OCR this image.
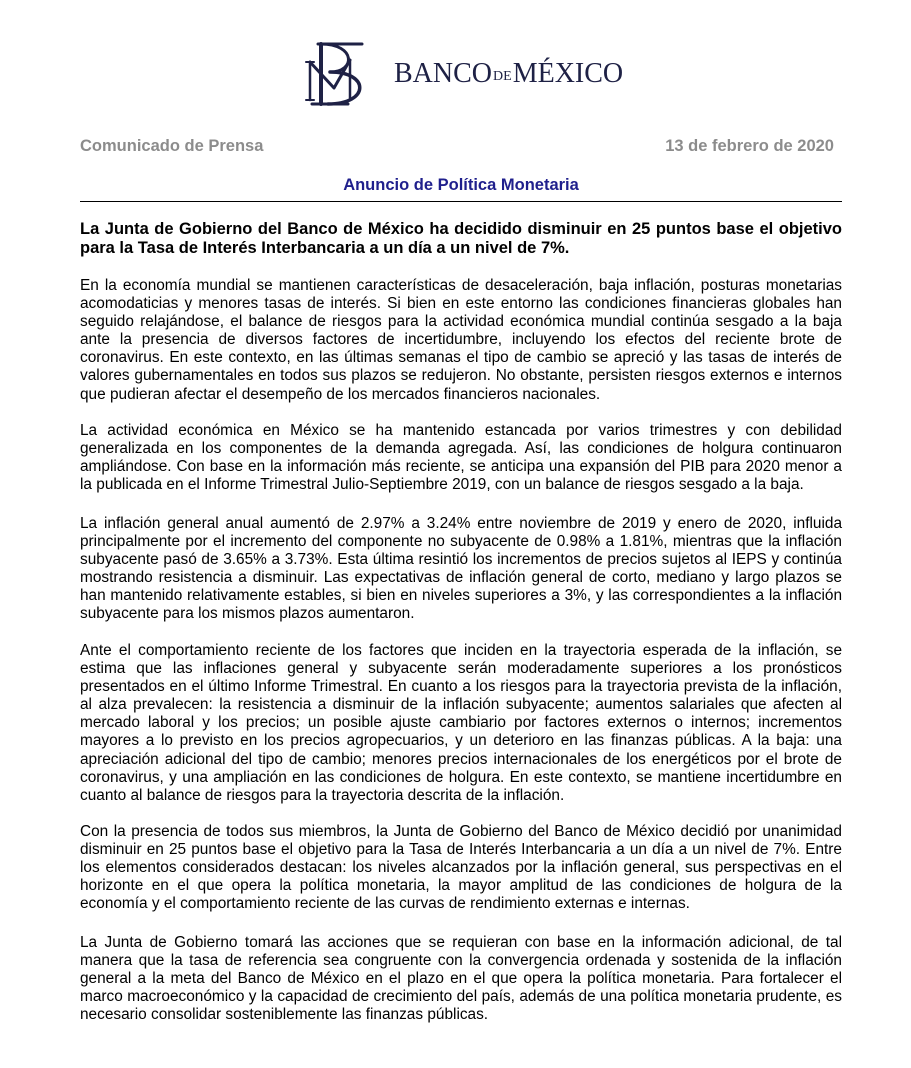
BANCODEMÉXICO
Comunicado de Prensa	13 de febrero de 2020
Anuncio de Política Monetaria
La Junta de Gobierno del Banco de México ha decidido disminuir en 25 puntos base el objetivo para la Tasa de Interés Interbancaria a un día a un nivel de 7%.
En la economía mundial se mantienen características de desaceleración, baja inflación, posturas monetarias acomodaticias y menores tasas de interés. Si bien en este entorno las condiciones financieras globales han seguido relajándose, el balance de riesgos para la actividad económica mundial continúa sesgado a la baja ante la presencia de diversos factores de incertidumbre, incluyendo los efectos del reciente brote de coronavirus. En este contexto, en las últimas semanas el tipo de cambio se apreció y las tasas de interés de valores gubernamentales en todos sus plazos se redujeron. No obstante, persisten riesgos externos e internos que pudieran afectar el desempeño de los mercados financieros nacionales.
La actividad económica en México se ha mantenido estancada por varios trimestres y con debilidad generalizada en los componentes de la demanda agregada. Así, las condiciones de holgura continuaron ampliándose. Con base en la información más reciente, se anticipa una expansión del PIB para 2020 menor a la publicada en el Informe Trimestral Julio-Septiembre 2019, con un balance de riesgos sesgado a la baja.
La inflación general anual aumentó de 2.97% a 3.24% entre noviembre de 2019 y enero de 2020, influida principalmente por el incremento del componente no subyacente de 0.98% a 1.81%, mientras que la inflación subyacente pasó de 3.65% a 3.73%. Esta última resintió los incrementos de precios sujetos al IEPS y continúa mostrando resistencia a disminuir. Las expectativas de inflación general de corto, mediano y largo plazos se han mantenido relativamente estables, si bien en niveles superiores a 3%, y las correspondientes a la inflación subyacente para los mismos plazos aumentaron.
Ante el comportamiento reciente de los factores que inciden en la trayectoria esperada de la inflación, se estima que las inflaciones general y subyacente serán moderadamente superiores a los pronósticos presentados en el último Informe Trimestral. En cuanto a los riesgos para la trayectoria prevista de la inflación, al alza prevalecen: la resistencia a disminuir de la inflación subyacente; aumentos salariales que afecten al mercado laboral y los precios; un posible ajuste cambiario por factores externos o internos; incrementos mayores a lo previsto en los precios agropecuarios, y un deterioro en las finanzas públicas. A la baja: una apreciación adicional del tipo de cambio; menores precios internacionales de los energéticos por el brote de coronavirus, y una ampliación en las condiciones de holgura. En este contexto, se mantiene incertidumbre en cuanto al balance de riesgos para la trayectoria descrita de la inflación.
Con la presencia de todos sus miembros, la Junta de Gobierno del Banco de México decidió por unanimidad disminuir en 25 puntos base el objetivo para la Tasa de Interés Interbancaria a un día a un nivel de 7%. Entre los elementos considerados destacan: los niveles alcanzados por la inflación general, sus perspectivas en el horizonte en el que opera la política monetaria, la mayor amplitud de las condiciones de holgura de la economía y el comportamiento reciente de las curvas de rendimiento externas e internas.
La Junta de Gobierno tomará las acciones que se requieran con base en la información adicional, de tal manera que la tasa de referencia sea congruente con la convergencia ordenada y sostenida de la inflación general a la meta del Banco de México en el plazo en el que opera la política monetaria. Para fortalecer el marco macroeconómico y la capacidad de crecimiento del país, además de una política monetaria prudente, es necesario consolidar sosteniblemente las finanzas públicas.
